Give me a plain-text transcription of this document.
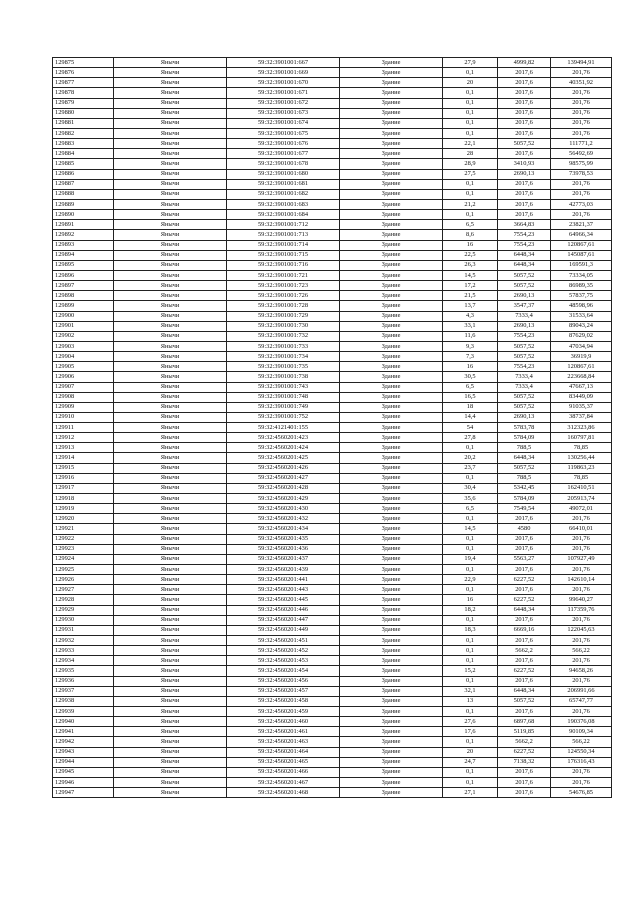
129875	Янычи	59:32:3901001:667	Здание	27,9	4999,82	139494,91
129876	Янычи	59:32:3901001:669	Здание	0,1	2017,6	201,76
129877	Янычи	59:32:3901001:670	Здание	20	2017,6	40351,92
129878	Янычи	59:32:3901001:671	Здание	0,1	2017,6	201,76
129879	Янычи	59:32:3901001:672	Здание	0,1	2017,6	201,76
129880	Янычи	59:32:3901001:673	Здание	0,1	2017,6	201,76
129881	Янычи	59:32:3901001:674	Здание	0,1	2017,6	201,76
129882	Янычи	59:32:3901001:675	Здание	0,1	2017,6	201,76
129883	Янычи	59:32:3901001:676	Здание	22,1	5057,52	111771,2
129884	Янычи	59:32:3901001:677	Здание	28	2017,6	56492,69
129885	Янычи	59:32:3901001:678	Здание	28,9	3410,93	98575,99
129886	Янычи	59:32:3901001:680	Здание	27,5	2690,13	73978,53
129887	Янычи	59:32:3901001:681	Здание	0,1	2017,6	201,76
129888	Янычи	59:32:3901001:682	Здание	0,1	2017,6	201,76
129889	Янычи	59:32:3901001:683	Здание	21,2	2017,6	42773,03
129890	Янычи	59:32:3901001:684	Здание	0,1	2017,6	201,76
129891	Янычи	59:32:3901001:712	Здание	6,5	3664,83	23821,37
129892	Янычи	59:32:3901001:713	Здание	8,6	7554,23	64966,34
129893	Янычи	59:32:3901001:714	Здание	16	7554,23	120867,61
129894	Янычи	59:32:3901001:715	Здание	22,5	6448,34	145087,61
129895	Янычи	59:32:3901001:716	Здание	26,3	6448,34	169591,3
129896	Янычи	59:32:3901001:721	Здание	14,5	5057,52	73334,05
129897	Янычи	59:32:3901001:723	Здание	17,2	5057,52	86989,35
129898	Янычи	59:32:3901001:726	Здание	21,5	2690,13	57837,75
129899	Янычи	59:32:3901001:728	Здание	13,7	3547,37	48598,96
129900	Янычи	59:32:3901001:729	Здание	4,3	7333,4	31533,64
129901	Янычи	59:32:3901001:730	Здание	33,1	2690,13	89043,24
129902	Янычи	59:32:3901001:732	Здание	11,6	7554,23	87629,02
129903	Янычи	59:32:3901001:733	Здание	9,3	5057,52	47034,94
129904	Янычи	59:32:3901001:734	Здание	7,3	5057,52	36919,9
129905	Янычи	59:32:3901001:735	Здание	16	7554,23	120867,61
129906	Янычи	59:32:3901001:738	Здание	30,5	7333,4	223668,84
129907	Янычи	59:32:3901001:743	Здание	6,5	7333,4	47667,13
129908	Янычи	59:32:3901001:748	Здание	16,5	5057,52	83449,09
129909	Янычи	59:32:3901001:749	Здание	18	5057,52	91035,37
129910	Янычи	59:32:3901001:752	Здание	14,4	2690,13	38737,84
129911	Янычи	59:32:4121401:155	Здание	54	5783,78	312323,86
129912	Янычи	59:32:4560201:423	Здание	27,8	5784,09	160797,81
129913	Янычи	59:32:4560201:424	Здание	0,1	788,5	78,85
129914	Янычи	59:32:4560201:425	Здание	20,2	6448,34	130256,44
129915	Янычи	59:32:4560201:426	Здание	23,7	5057,52	119863,23
129916	Янычи	59:32:4560201:427	Здание	0,1	788,5	78,85
129917	Янычи	59:32:4560201:428	Здание	30,4	5342,45	162410,51
129918	Янычи	59:32:4560201:429	Здание	35,6	5784,09	205913,74
129919	Янычи	59:32:4560201:430	Здание	6,5	7549,54	49072,01
129920	Янычи	59:32:4560201:432	Здание	0,1	2017,6	201,76
129921	Янычи	59:32:4560201:434	Здание	14,5	4580	66410,01
129922	Янычи	59:32:4560201:435	Здание	0,1	2017,6	201,76
129923	Янычи	59:32:4560201:436	Здание	0,1	2017,6	201,76
129924	Янычи	59:32:4560201:437	Здание	19,4	5563,27	107927,49
129925	Янычи	59:32:4560201:439	Здание	0,1	2017,6	201,76
129926	Янычи	59:32:4560201:441	Здание	22,9	6227,52	142610,14
129927	Янычи	59:32:4560201:443	Здание	0,1	2017,6	201,76
129928	Янычи	59:32:4560201:445	Здание	16	6227,52	99640,27
129929	Янычи	59:32:4560201:446	Здание	18,2	6448,34	117359,76
129930	Янычи	59:32:4560201:447	Здание	0,1	2017,6	201,76
129931	Янычи	59:32:4560201:449	Здание	18,3	6669,16	122045,63
129932	Янычи	59:32:4560201:451	Здание	0,1	2017,6	201,76
129933	Янычи	59:32:4560201:452	Здание	0,1	5662,2	566,22
129934	Янычи	59:32:4560201:453	Здание	0,1	2017,6	201,76
129935	Янычи	59:32:4560201:454	Здание	15,2	6227,52	94658,26
129936	Янычи	59:32:4560201:456	Здание	0,1	2017,6	201,76
129937	Янычи	59:32:4560201:457	Здание	32,1	6448,34	206991,66
129938	Янычи	59:32:4560201:458	Здание	13	5057,52	65747,77
129939	Янычи	59:32:4560201:459	Здание	0,1	2017,6	201,76
129940	Янычи	59:32:4560201:460	Здание	27,6	6897,68	190376,08
129941	Янычи	59:32:4560201:461	Здание	17,6	5119,85	90109,34
129942	Янычи	59:32:4560201:463	Здание	0,1	5662,2	566,22
129943	Янычи	59:32:4560201:464	Здание	20	6227,52	124550,34
129944	Янычи	59:32:4560201:465	Здание	24,7	7138,32	176316,43
129945	Янычи	59:32:4560201:466	Здание	0,1	2017,6	201,76
129946	Янычи	59:32:4560201:467	Здание	0,1	2017,6	201,76
129947	Янычи	59:32:4560201:468	Здание	27,1	2017,6	54676,85
